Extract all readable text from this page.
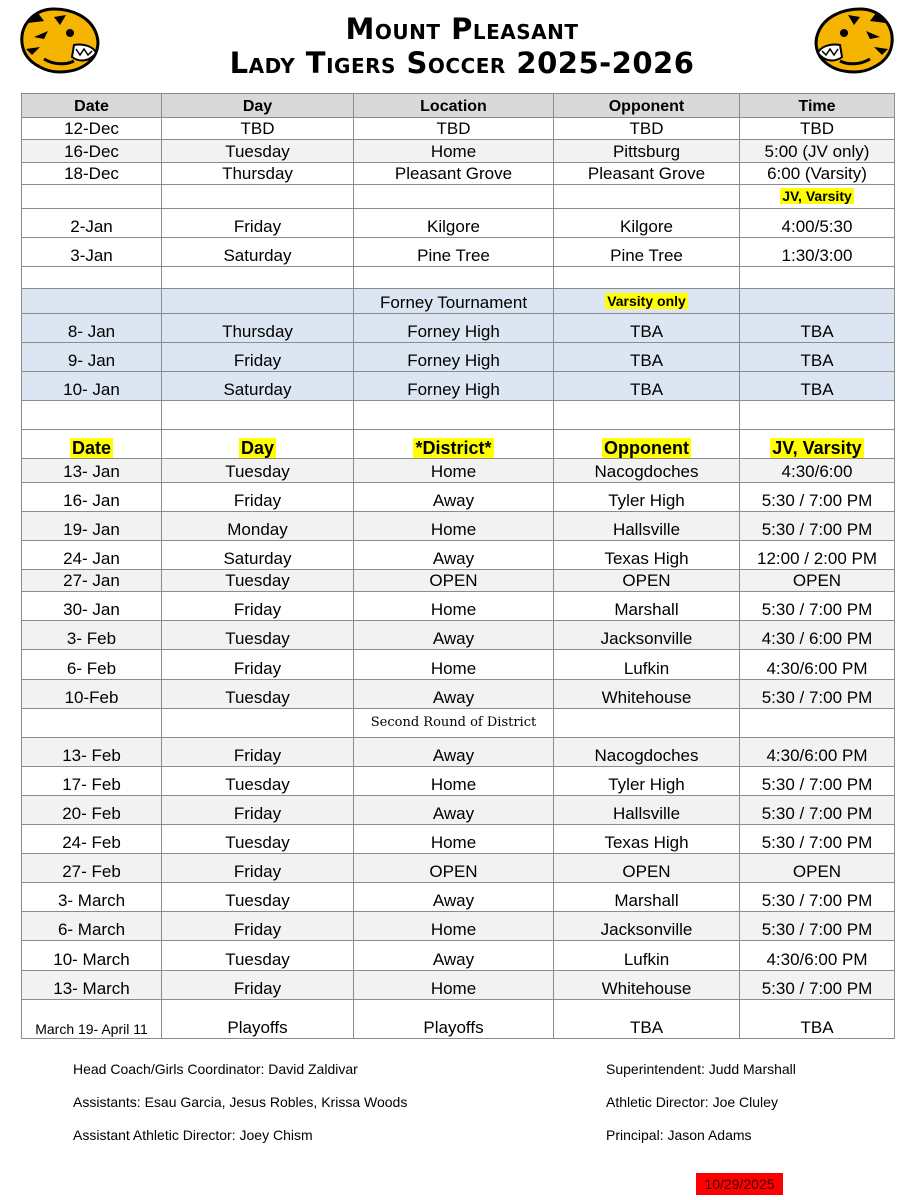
Mount Pleasant
Lady Tigers Soccer 2025-2026
Date	Day	Location	Opponent	Time
12-Dec	TBD	TBD	TBD	TBD
16-Dec	Tuesday	Home	Pittsburg	5:00 (JV only)
18-Dec	Thursday	Pleasant Grove	Pleasant Grove	6:00 (Varsity)
				JV, Varsity
2-Jan	Friday	Kilgore	Kilgore	4:00/5:30
3-Jan	Saturday	Pine Tree	Pine Tree	1:30/3:00

		Forney Tournament	Varsity only	
8- Jan	Thursday	Forney High	TBA	TBA
9- Jan	Friday	Forney High	TBA	TBA
10- Jan	Saturday	Forney High	TBA	TBA

Date	Day	*District*	Opponent	JV, Varsity
13- Jan	Tuesday	Home	Nacogdoches	4:30/6:00
16- Jan	Friday	Away	Tyler High	5:30 / 7:00 PM
19- Jan	Monday	Home	Hallsville	5:30 / 7:00 PM
24- Jan	Saturday	Away	Texas High	12:00 / 2:00 PM
27- Jan	Tuesday	OPEN	OPEN	OPEN
30- Jan	Friday	Home	Marshall	5:30 / 7:00 PM
3- Feb	Tuesday	Away	Jacksonville	4:30 / 6:00 PM
6- Feb	Friday	Home	Lufkin	4:30/6:00 PM
10-Feb	Tuesday	Away	Whitehouse	5:30 / 7:00 PM
		Second Round of District		
13- Feb	Friday	Away	Nacogdoches	4:30/6:00 PM
17- Feb	Tuesday	Home	Tyler High	5:30 / 7:00 PM
20- Feb	Friday	Away	Hallsville	5:30 / 7:00 PM
24- Feb	Tuesday	Home	Texas High	5:30 / 7:00 PM
27- Feb	Friday	OPEN	OPEN	OPEN
3- March	Tuesday	Away	Marshall	5:30 / 7:00 PM
6- March	Friday	Home	Jacksonville	5:30 / 7:00 PM
10- March	Tuesday	Away	Lufkin	4:30/6:00 PM
13- March	Friday	Home	Whitehouse	5:30 / 7:00 PM
March 19- April 11	Playoffs	Playoffs	TBA	TBA
Head Coach/Girls Coordinator: David Zaldivar
Assistants: Esau Garcia, Jesus Robles, Krissa Woods
Assistant Athletic Director: Joey Chism
Superintendent: Judd Marshall
Athletic Director: Joe Cluley
Principal: Jason Adams
10/29/2025
